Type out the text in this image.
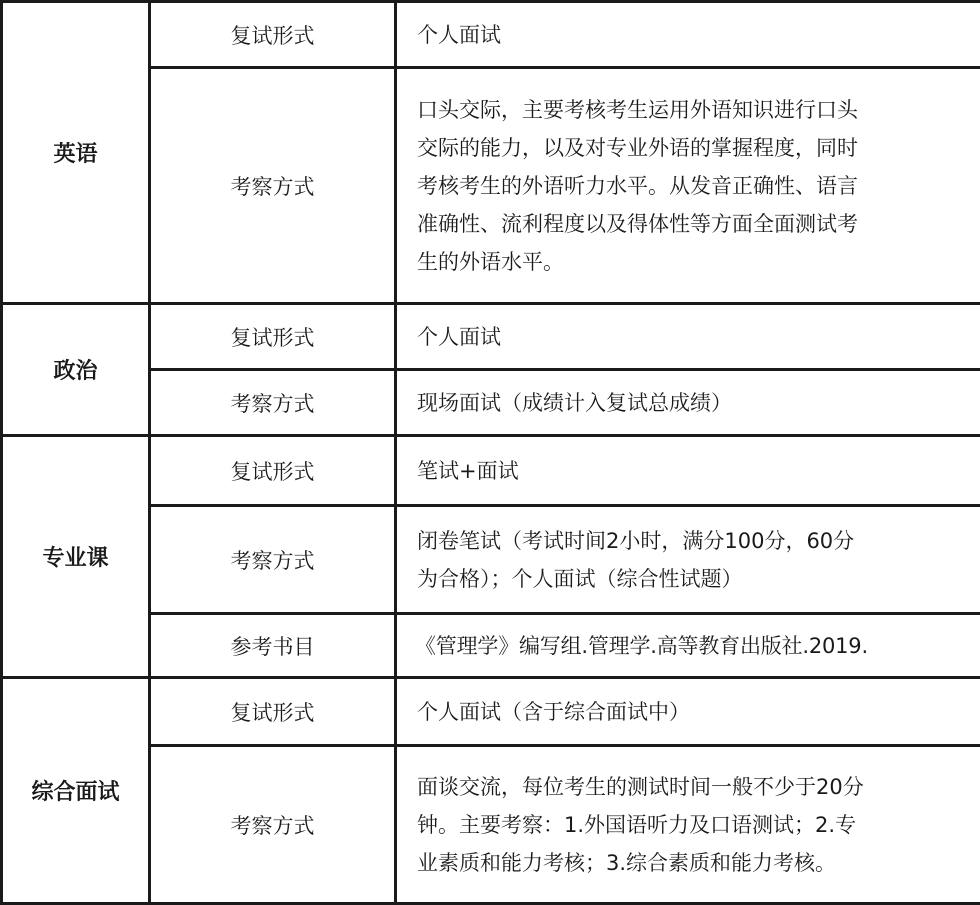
英语	复试形式	个人面试
	考察方式	口头交际，主要考核考生运用外语知识进行口头
交际的能力，以及对专业外语的掌握程度，同时
考核考生的外语听力水平。从发音正确性、语言
准确性、流利程度以及得体性等方面全面测试考
生的外语水平。

政治	复试形式	个人面试
	考察方式	现场面试（成绩计入复试总成绩）
专业课	复试形式	笔试+面试
	考察方式	闭卷笔试（考试时间2小时，满分100分，60分
为合格）；个人面试（综合性试题）

	参考书目	《管理学》编写组.管理学.高等教育出版社.2019.
综合面试	复试形式	个人面试（含于综合面试中）
	考察方式	面谈交流，每位考生的测试时间一般不少于20分
钟。主要考察：1.外国语听力及口语测试；2.专
业素质和能力考核；3.综合素质和能力考核。
